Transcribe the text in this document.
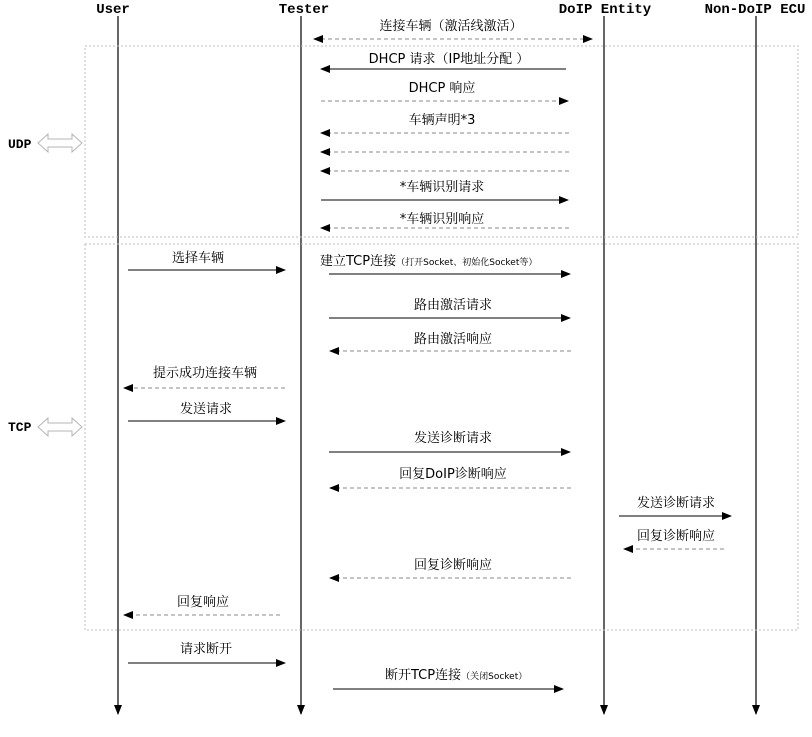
User	Tester	DoIP Entity	Non-DoIP ECU
UDP
TCP
连接车辆（激活线激活）
DHCP 请求（IP地址分配 ）
DHCP 响应
车辆声明*3
*车辆识别请求
*车辆识别响应
选择车辆	建立TCP连接（打开Socket、初始化Socket等）
路由激活请求
路由激活响应
提示成功连接车辆
发送请求
发送诊断请求
回复DoIP诊断响应
发送诊断请求
回复诊断响应
回复诊断响应
回复响应
请求断开
断开TCP连接（关闭Socket）
